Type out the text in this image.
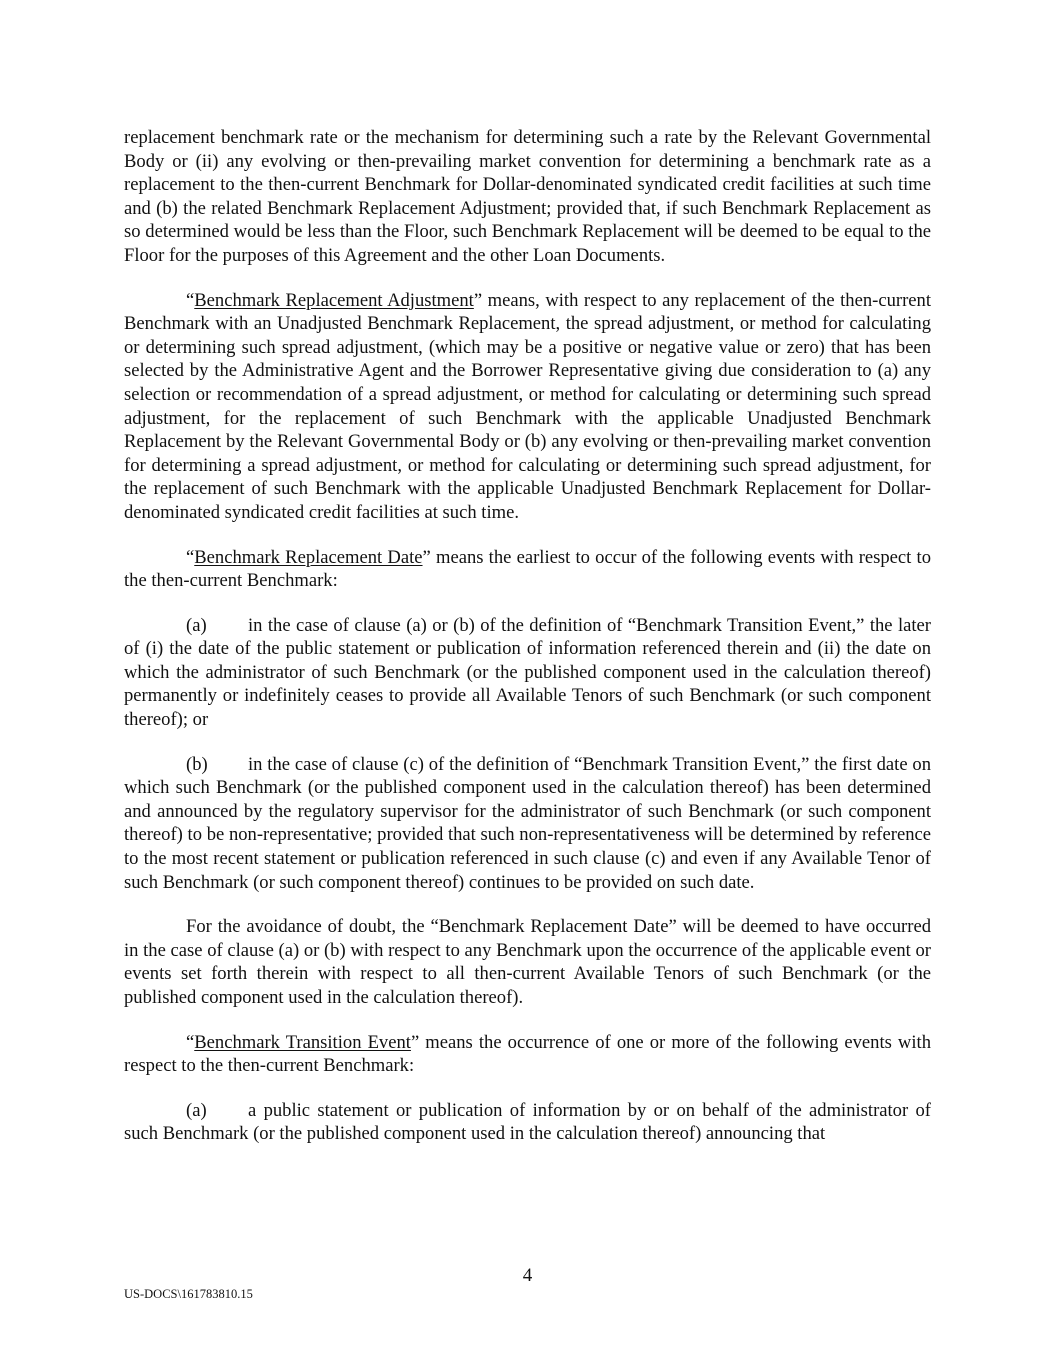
replacement benchmark rate or the mechanism for determining such a rate by the Relevant Governmental Body or (ii) any evolving or then-prevailing market convention for determining a benchmark rate as a replacement to the then-current Benchmark for Dollar-denominated syndicated credit facilities at such time and (b) the related Benchmark Replacement Adjustment; provided that, if such Benchmark Replacement as so determined would be less than the Floor, such Benchmark Replacement will be deemed to be equal to the Floor for the purposes of this Agreement and the other Loan Documents.

“Benchmark Replacement Adjustment” means, with respect to any replacement of the then-current Benchmark with an Unadjusted Benchmark Replacement, the spread adjustment, or method for calculating or determining such spread adjustment, (which may be a positive or negative value or zero) that has been selected by the Administrative Agent and the Borrower Representative giving due consideration to (a) any selection or recommendation of a spread adjustment, or method for calculating or determining such spread adjustment, for the replacement of such Benchmark with the applicable Unadjusted Benchmark Replacement by the Relevant Governmental Body or (b) any evolving or then-prevailing market convention for determining a spread adjustment, or method for calculating or determining such spread adjustment, for the replacement of such Benchmark with the applicable Unadjusted Benchmark Replacement for Dollar-denominated syndicated credit facilities at such time.

“Benchmark Replacement Date” means the earliest to occur of the following events with respect to the then-current Benchmark:

(a) in the case of clause (a) or (b) of the definition of “Benchmark Transition Event,” the later of (i) the date of the public statement or publication of information referenced therein and (ii) the date on which the administrator of such Benchmark (or the published component used in the calculation thereof) permanently or indefinitely ceases to provide all Available Tenors of such Benchmark (or such component thereof); or

(b) in the case of clause (c) of the definition of “Benchmark Transition Event,” the first date on which such Benchmark (or the published component used in the calculation thereof) has been determined and announced by the regulatory supervisor for the administrator of such Benchmark (or such component thereof) to be non-representative; provided that such non-representativeness will be determined by reference to the most recent statement or publication referenced in such clause (c) and even if any Available Tenor of such Benchmark (or such component thereof) continues to be provided on such date.

For the avoidance of doubt, the “Benchmark Replacement Date” will be deemed to have occurred in the case of clause (a) or (b) with respect to any Benchmark upon the occurrence of the applicable event or events set forth therein with respect to all then-current Available Tenors of such Benchmark (or the published component used in the calculation thereof).

“Benchmark Transition Event” means the occurrence of one or more of the following events with respect to the then-current Benchmark:

(a) a public statement or publication of information by or on behalf of the administrator of such Benchmark (or the published component used in the calculation thereof) announcing that

4
US-DOCS\161783810.15
